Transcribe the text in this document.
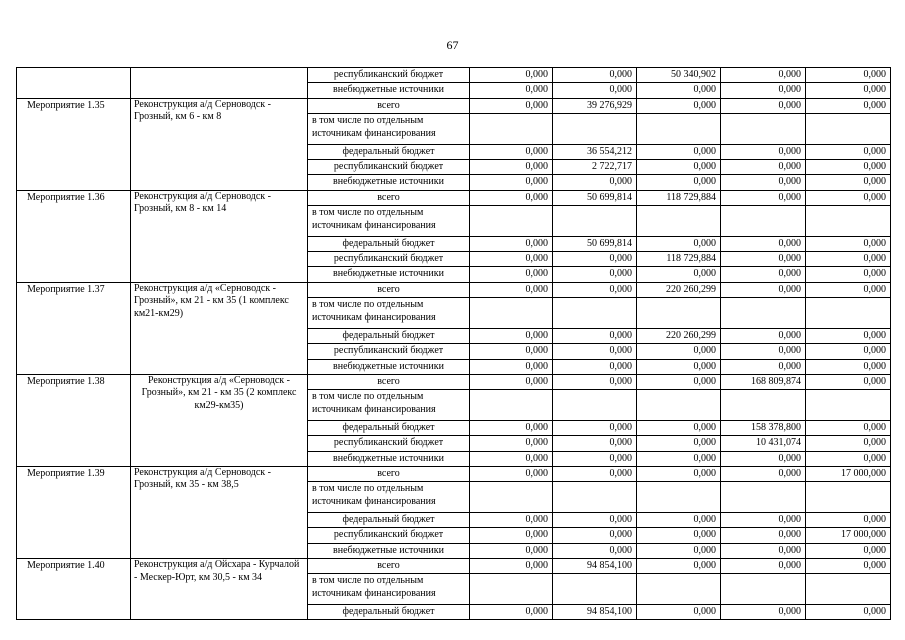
67
		республиканский бюджет	0,000	0,000	50 340,902	0,000	0,000
		внебюджетные источники	0,000	0,000	0,000	0,000	0,000
Мероприятие 1.35	Реконструкция а/д Серноводск - Грозный, км 6 - км 8	всего	0,000	39 276,929	0,000	0,000	0,000
		в том числе по отдельным источникам финансирования					
		федеральный бюджет	0,000	36 554,212	0,000	0,000	0,000
		республиканский бюджет	0,000	2 722,717	0,000	0,000	0,000
		внебюджетные источники	0,000	0,000	0,000	0,000	0,000
Мероприятие 1.36	Реконструкция а/д Серноводск - Грозный, км 8 - км 14	всего	0,000	50 699,814	118 729,884	0,000	0,000
		в том числе по отдельным источникам финансирования					
		федеральный бюджет	0,000	50 699,814	0,000	0,000	0,000
		республиканский бюджет	0,000	0,000	118 729,884	0,000	0,000
		внебюджетные источники	0,000	0,000	0,000	0,000	0,000
Мероприятие 1.37	Реконструкция а/д «Серноводск - Грозный», км 21 - км 35 (1 комплекс км21-км29)	всего	0,000	0,000	220 260,299	0,000	0,000
		в том числе по отдельным источникам финансирования					
		федеральный бюджет	0,000	0,000	220 260,299	0,000	0,000
		республиканский бюджет	0,000	0,000	0,000	0,000	0,000
		внебюджетные источники	0,000	0,000	0,000	0,000	0,000
Мероприятие 1.38	Реконструкция а/д «Серноводск - Грозный», км 21 - км 35 (2 комплекс км29-км35)	всего	0,000	0,000	0,000	168 809,874	0,000
		в том числе по отдельным источникам финансирования					
		федеральный бюджет	0,000	0,000	0,000	158 378,800	0,000
		республиканский бюджет	0,000	0,000	0,000	10 431,074	0,000
		внебюджетные источники	0,000	0,000	0,000	0,000	0,000
Мероприятие 1.39	Реконструкция а/д Серноводск - Грозный, км 35 - км 38,5	всего	0,000	0,000	0,000	0,000	17 000,000
		в том числе по отдельным источникам финансирования					
		федеральный бюджет	0,000	0,000	0,000	0,000	0,000
		республиканский бюджет	0,000	0,000	0,000	0,000	17 000,000
		внебюджетные источники	0,000	0,000	0,000	0,000	0,000
Мероприятие 1.40	Реконструкция а/д Ойсхара - Курчалой - Мескер-Юрт, км 30,5 - км 34	всего	0,000	94 854,100	0,000	0,000	0,000
		в том числе по отдельным источникам финансирования					
		федеральный бюджет	0,000	94 854,100	0,000	0,000	0,000
